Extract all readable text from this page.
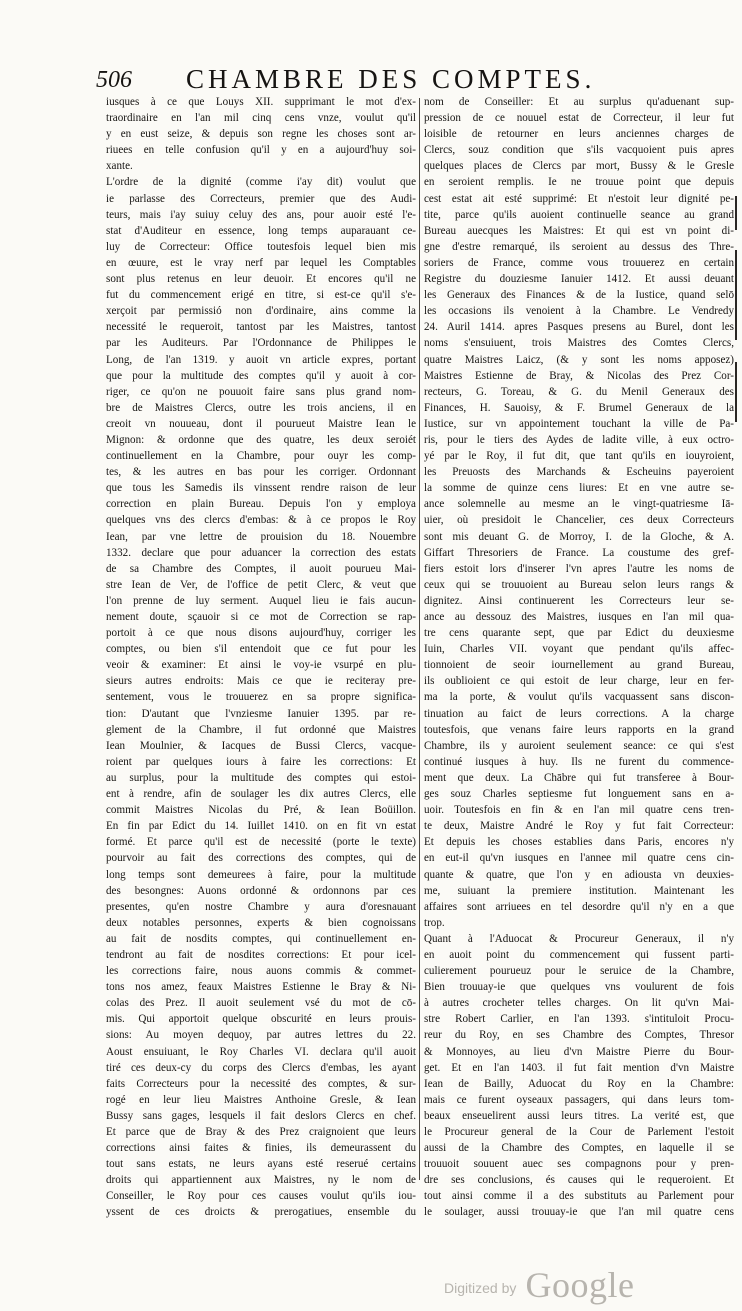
506 CHAMBRE DES COMPTES.

iusques à ce que Louys XII. supprimant le mot d'ex-

traordinaire en l'an mil cinq cens vnze, voulut qu'il

y en eust seize, & depuis son regne les choses sont ar-

riuees en telle confusion qu'il y en a aujourd'huy soi-

xante.

L'ordre de la dignité (comme i'ay dit) voulut que

ie parlasse des Correcteurs, premier que des Audi-

teurs, mais i'ay suiuy celuy des ans, pour auoir esté l'e-

stat d'Auditeur en essence, long temps auparauant ce-

luy de Correcteur: Office toutesfois lequel bien mis

en œuure, est le vray nerf par lequel les Comptables

sont plus retenus en leur deuoir. Et encores qu'il ne

fut du commencement erigé en titre, si est-ce qu'il s'e-

xerçoit par permissió non d'ordinaire, ains comme la

necessité le requeroit, tantost par les Maistres, tantost

par les Auditeurs. Par l'Ordonnance de Philippes le

Long, de l'an 1319. y auoit vn article expres, portant

que pour la multitude des comptes qu'il y auoit à cor-

riger, ce qu'on ne pouuoit faire sans plus grand nom-

bre de Maistres Clercs, outre les trois anciens, il en

creoit vn nouueau, dont il pourueut Maistre Iean le

Mignon: & ordonne que des quatre, les deux seroiét

continuellement en la Chambre, pour ouyr les comp-

tes, & les autres en bas pour les corriger. Ordonnant

que tous les Samedis ils vinssent rendre raison de leur

correction en plain Bureau. Depuis l'on y employa

quelques vns des clercs d'embas: & à ce propos le Roy

Iean, par vne lettre de prouision du 18. Nouembre

1332. declare que pour aduancer la correction des estats

de sa Chambre des Comptes, il auoit pourueu Mai-

stre Iean de Ver, de l'office de petit Clerc, & veut que

l'on prenne de luy serment. Auquel lieu ie fais aucun-

nement doute, sçauoir si ce mot de Correction se rap-

portoit à ce que nous disons aujourd'huy, corriger les

comptes, ou bien s'il entendoit que ce fut pour les

veoir & examiner: Et ainsi le voy-ie vsurpé en plu-

sieurs autres endroits: Mais ce que ie reciteray pre-

sentement, vous le trouuerez en sa propre significa-

tion: D'autant que l'vnziesme Ianuier 1395. par re-

glement de la Chambre, il fut ordonné que Maistres

Iean Moulnier, & Iacques de Bussi Clercs, vacque-

roient par quelques iours à faire les corrections: Et

au surplus, pour la multitude des comptes qui estoi-

ent à rendre, afin de soulager les dix autres Clercs, elle

commit Maistres Nicolas du Pré, & Iean Boüillon.

En fin par Edict du 14. Iuillet 1410. on en fit vn estat

formé. Et parce qu'il est de necessité (porte le texte)

pourvoir au fait des corrections des comptes, qui de

long temps sont demeurees à faire, pour la multitude

des besongnes: Auons ordonné & ordonnons par ces

presentes, qu'en nostre Chambre y aura d'oresnauant

deux notables personnes, experts & bien cognoissans

au fait de nosdits comptes, qui continuellement en-

tendront au fait de nosdites corrections: Et pour icel-

les corrections faire, nous auons commis & commet-

tons nos amez, feaux Maistres Estienne le Bray & Ni-

colas des Prez. Il auoit seulement vsé du mot de cō-

mis. Qui apportoit quelque obscurité en leurs prouis-

sions: Au moyen dequoy, par autres lettres du 22.

Aoust ensuiuant, le Roy Charles VI. declara qu'il auoit

tiré ces deux-cy du corps des Clercs d'embas, les ayant

faits Correcteurs pour la necessité des comptes, & sur-

rogé en leur lieu Maistres Anthoine Gresle, & Iean

Bussy sans gages, lesquels il fait deslors Clercs en chef.

Et parce que de Bray & des Prez craignoient que leurs

corrections ainsi faites & finies, ils demeurassent du

tout sans estats, ne leurs ayans esté reserué certains

droits qui appartiennent aux Maistres, ny le nom de

Conseiller, le Roy pour ces causes voulut qu'ils iou-

yssent de ces droicts & prerogatiues, ensemble du

nom de Conseiller: Et au surplus qu'aduenant sup-

pression de ce nouuel estat de Correcteur, il leur fut

loisible de retourner en leurs anciennes charges de

Clercs, souz condition que s'ils vacquoient puis apres

quelques places de Clercs par mort, Bussy & le Gresle

en seroient remplis. Ie ne trouue point que depuis

cest estat ait esté supprimé: Et n'estoit leur dignité pe-

tite, parce qu'ils auoient continuelle seance au grand

Bureau auecques les Maistres: Et qui est vn point di-

gne d'estre remarqué, ils seroient au dessus des Thre-

soriers de France, comme vous trouuerez en certain

Registre du douziesme Ianuier 1412. Et aussi deuant

les Generaux des Finances & de la Iustice, quand selō

les occasions ils venoient à la Chambre. Le Vendredy

24. Auril 1414. apres Pasques presens au Burel, dont les

noms s'ensuiuent, trois Maistres des Comtes Clercs,

quatre Maistres Laicz, (& y sont les noms apposez)

Maistres Estienne de Bray, & Nicolas des Prez Cor-

recteurs, G. Toreau, & G. du Menil Generaux des

Finances, H. Sauoisy, & F. Brumel Generaux de la

Iustice, sur vn appointement touchant la ville de Pa-

ris, pour le tiers des Aydes de ladite ville, à eux octro-

yé par le Roy, il fut dit, que tant qu'ils en iouyroient,

les Preuosts des Marchands & Escheuins payeroient

la somme de quinze cens liures: Et en vne autre se-

ance solemnelle au mesme an le vingt-quatriesme Iā-

uier, où presidoit le Chancelier, ces deux Correcteurs

sont mis deuant G. de Morroy, I. de la Gloche, & A.

Giffart Thresoriers de France. La coustume des gref-

fiers estoit lors d'inserer l'vn apres l'autre les noms de

ceux qui se trouuoient au Bureau selon leurs rangs &

dignitez. Ainsi continuerent les Correcteurs leur se-

ance au dessouz des Maistres, iusques en l'an mil qua-

tre cens quarante sept, que par Edict du deuxiesme

Iuin, Charles VII. voyant que pendant qu'ils affec-

tionnoient de seoir iournellement au grand Bureau,

ils oublioient ce qui estoit de leur charge, leur en fer-

ma la porte, & voulut qu'ils vacquassent sans discon-

tinuation au faict de leurs corrections. A la charge

toutesfois, que venans faire leurs rapports en la grand

Chambre, ils y auroient seulement seance: ce qui s'est

continué iusques à huy. Ils ne furent du commence-

ment que deux. La Chābre qui fut transferee à Bour-

ges souz Charles septiesme fut longuement sans en a-

uoir. Toutesfois en fin & en l'an mil quatre cens tren-

te deux, Maistre André le Roy y fut fait Correcteur:

Et depuis les choses establies dans Paris, encores n'y

en eut-il qu'vn iusques en l'annee mil quatre cens cin-

quante & quatre, que l'on y en adiousta vn deuxies-

me, suiuant la premiere institution. Maintenant les

affaires sont arriuees en tel desordre qu'il n'y en a que

trop.

Quant à l'Aduocat & Procureur Generaux, il n'y

en auoit point du commencement qui fussent parti-

culierement pourueuz pour le seruice de la Chambre,

Bien trouuay-ie que quelques vns voulurent de fois

à autres crocheter telles charges. On lit qu'vn Mai-

stre Robert Carlier, en l'an 1393. s'intituloit Procu-

reur du Roy, en ses Chambre des Comptes, Thresor

& Monnoyes, au lieu d'vn Maistre Pierre du Bour-

get. Et en l'an 1403. il fut fait mention d'vn Maistre

Iean de Bailly, Aduocat du Roy en la Chambre:

mais ce furent oyseaux passagers, qui dans leurs tom-

beaux enseuelirent aussi leurs titres. La verité est, que

le Procureur general de la Cour de Parlement l'estoit

aussi de la Chambre des Comptes, en laquelle il se

trouuoit souuent auec ses compagnons pour y pren-

dre ses conclusions, és causes qui le requeroient. Et

tout ainsi comme il a des substituts au Parlement pour

le soulager, aussi trouuay-ie que l'an mil quatre cens

Digitized by Google
